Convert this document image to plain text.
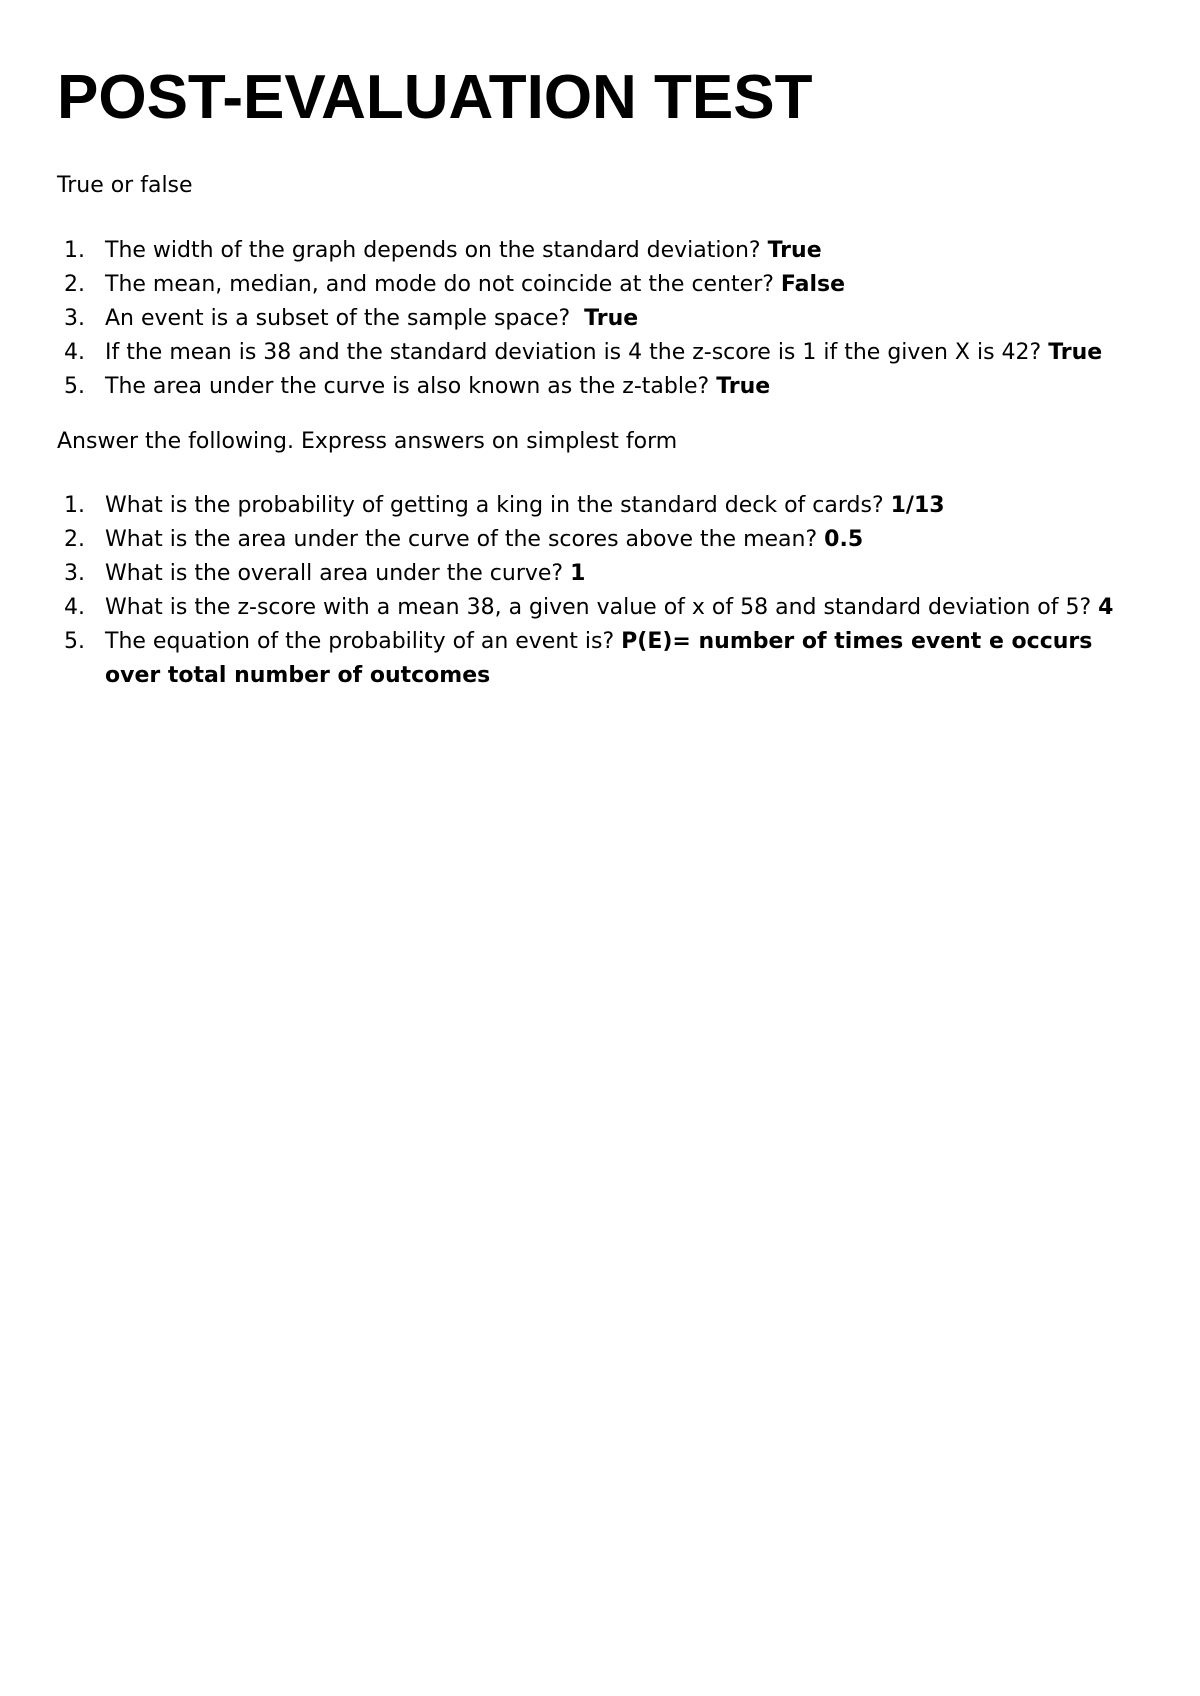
POST-EVALUATION TEST

True or false

1. The width of the graph depends on the standard deviation? True
2. The mean, median, and mode do not coincide at the center? False
3. An event is a subset of the sample space?  True
4. If the mean is 38 and the standard deviation is 4 the z-score is 1 if the given X is 42? True
5. The area under the curve is also known as the z-table? True

Answer the following. Express answers on simplest form

1. What is the probability of getting a king in the standard deck of cards? 1/13
2. What is the area under the curve of the scores above the mean? 0.5
3. What is the overall area under the curve? 1
4. What is the z-score with a mean 38, a given value of x of 58 and standard deviation of 5? 4
5. The equation of the probability of an event is? P(E)= number of times event e occurs over total number of outcomes
